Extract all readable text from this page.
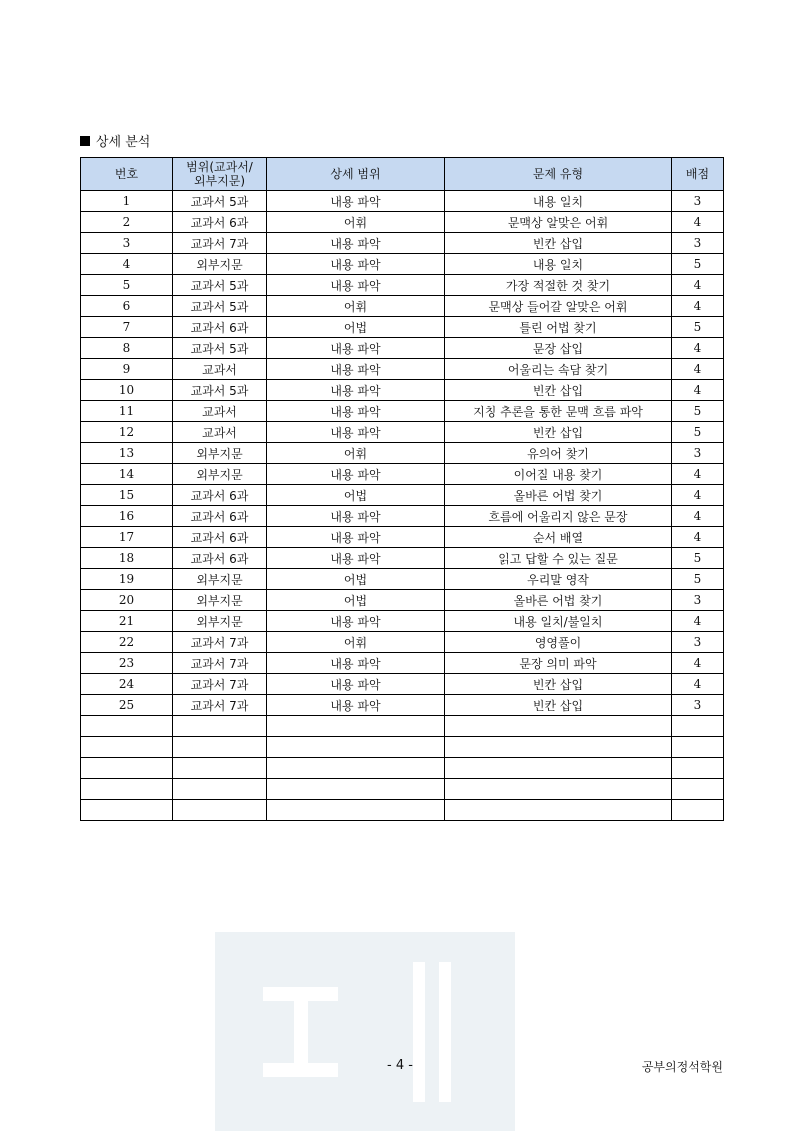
상세 분석
번호	범위(교과서/
외부지문)	상세 범위	문제 유형	배점
1	교과서 5과	내용 파악	내용 일치	3
2	교과서 6과	어휘	문맥상 알맞은 어휘	4
3	교과서 7과	내용 파악	빈칸 삽입	3
4	외부지문	내용 파악	내용 일치	5
5	교과서 5과	내용 파악	가장 적절한 것 찾기	4
6	교과서 5과	어휘	문맥상 들어갈 알맞은 어휘	4
7	교과서 6과	어법	틀린 어법 찾기	5
8	교과서 5과	내용 파악	문장 삽입	4
9	교과서	내용 파악	어울리는 속담 찾기	4
10	교과서 5과	내용 파악	빈칸 삽입	4
11	교과서	내용 파악	지칭 추론을 통한 문맥 흐름 파악	5
12	교과서	내용 파악	빈칸 삽입	5
13	외부지문	어휘	유의어 찾기	3
14	외부지문	내용 파악	이어질 내용 찾기	4
15	교과서 6과	어법	올바른 어법 찾기	4
16	교과서 6과	내용 파악	흐름에 어울리지 않은 문장	4
17	교과서 6과	내용 파악	순서 배열	4
18	교과서 6과	내용 파악	읽고 답할 수 있는 질문	5
19	외부지문	어법	우리말 영작	5
20	외부지문	어법	올바른 어법 찾기	3
21	외부지문	내용 파악	내용 일치/불일치	4
22	교과서 7과	어휘	영영풀이	3
23	교과서 7과	내용 파악	문장 의미 파악	4
24	교과서 7과	내용 파악	빈칸 삽입	4
25	교과서 7과	내용 파악	빈칸 삽입	3

- 4 -	공부의정석학원
